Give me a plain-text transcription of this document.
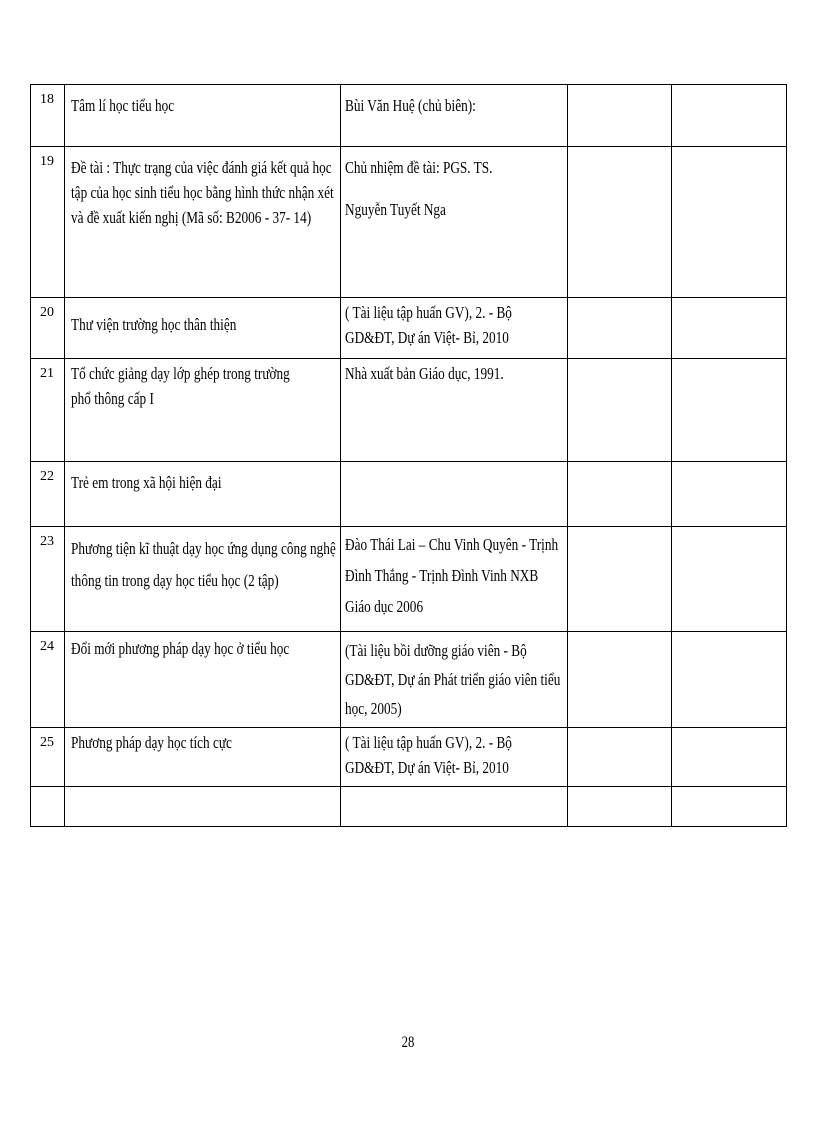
18	Tâm lí học tiểu học	Bùi Văn Huệ (chủ biên):		

19	Đề tài : Thực trạng của việc đánh giá kết quả học tập của học sinh tiểu học bằng hình thức nhận xét và đề xuất kiến nghị (Mã số: B2006 - 37- 14)	Chủ nhiệm đề tài: PGS. TS. Nguyễn Tuyết Nga		

20	Thư viện trường học thân thiện	( Tài liệu tập huấn GV), 2. - Bộ GD&ĐT, Dự án Việt- Bỉ, 2010		

21	Tổ chức giảng dạy lớp ghép trong trường phổ thông cấp I	Nhà xuất bản Giáo dục, 1991.		

22	Trẻ em trong xã hội hiện đại			

23	Phương tiện kĩ thuật dạy học ứng dụng công nghệ thông tin trong dạy học tiểu học (2 tập)	Đào Thái Lai – Chu Vinh Quyên - Trịnh Đình Thắng - Trịnh Đình Vinh NXB Giáo dục 2006		

24	Đổi mới phương pháp dạy học ở tiểu học	(Tài liệu bồi dưỡng giáo viên - Bộ GD&ĐT, Dự án Phát triển giáo viên tiểu học, 2005)		

25	Phương pháp dạy học tích cực	( Tài liệu tập huấn GV), 2. - Bộ GD&ĐT, Dự án Việt- Bỉ, 2010		

28
